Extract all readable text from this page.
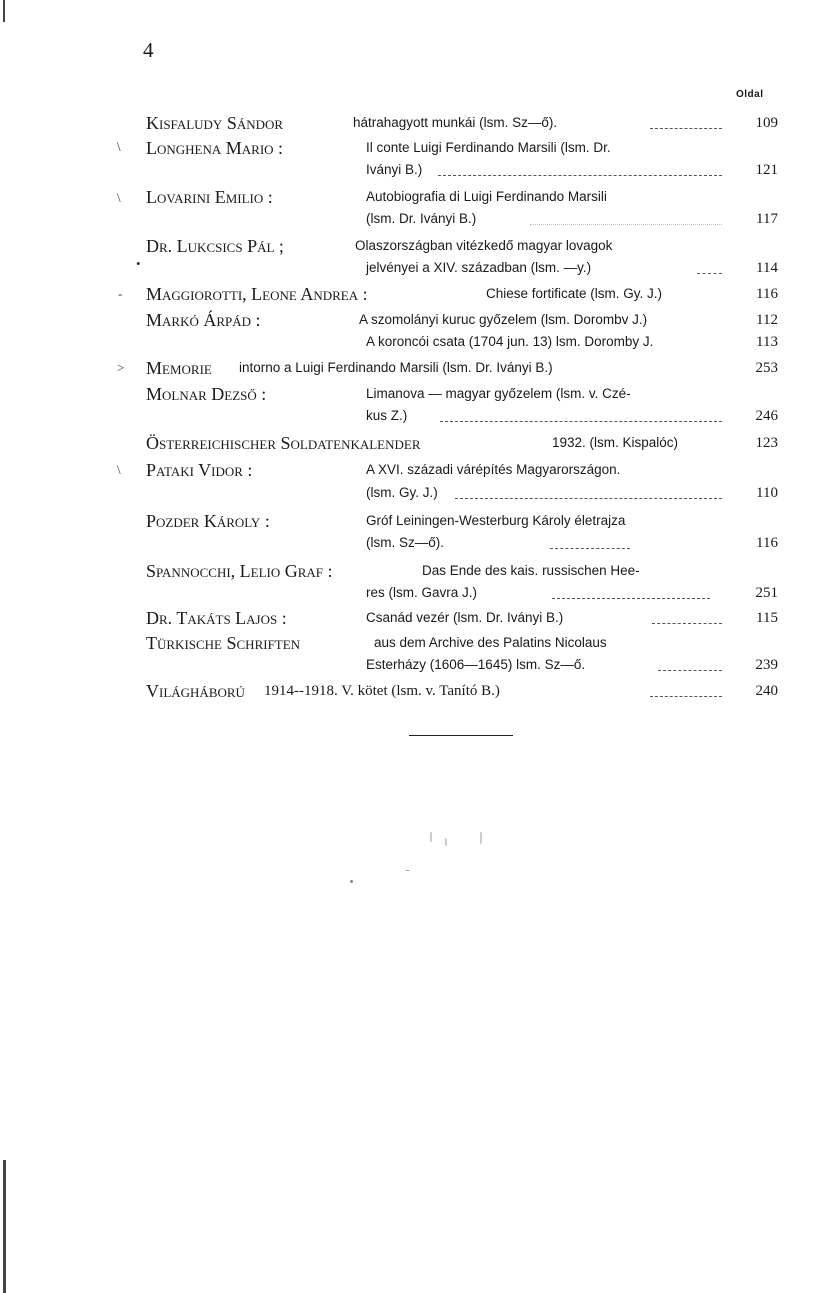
4
Oldal
Kisfaludy Sándor	hátrahagyott munkái (lsm. Sz—ő).	109
Longhena Mario :	Il conte Luigi Ferdinando Marsili (lsm. Dr.
Iványi B.)	121
Lovarini Emilio :	Autobiografia di Luigi Ferdinando Marsili
(lsm. Dr. Iványi B.)	117
Dr. Lukcsics Pál ;	Olaszországban vitézkedő magyar lovagok
jelvényei a XIV. században (lsm. —y.)	114
Maggiorotti, Leone Andrea :	Chiese fortificate (lsm. Gy. J.)	116
Markó Árpád :	A szomolányi kuruc győzelem (lsm. Dorombv J.)	112
A koroncói csata (1704 jun. 13) lsm. Doromby J.	113
Memorie intorno a Luigi Ferdinando Marsili (lsm. Dr. Iványi B.)	253
Molnar Dezső :	Limanova — magyar győzelem (lsm. v. Czé-
kus Z.)	246
Österreichischer Soldatenkalender	1932. (lsm. Kispalóc)	123
Pataki Vidor :	A XVI. századi várépítés Magyarországon.
(lsm. Gy. J.)	110
Pozder Károly :	Gróf Leiningen-Westerburg Károly életrajza
(lsm. Sz—ő).	116
Spannocchi, Lelio Graf :	Das Ende des kais. russischen Hee-
res (lsm. Gavra J.)	251
Dr. Takáts Lajos :	Csanád vezér (lsm. Dr. Iványi B.)	115
Türkische Schriften	aus dem Archive des Palatins Nicolaus
Esterházy (1606—1645) lsm. Sz—ő.	239
Világháború 1914--1918. V. kötet (lsm. v. Tanító B.)	240
\
\
•
-
>
\
